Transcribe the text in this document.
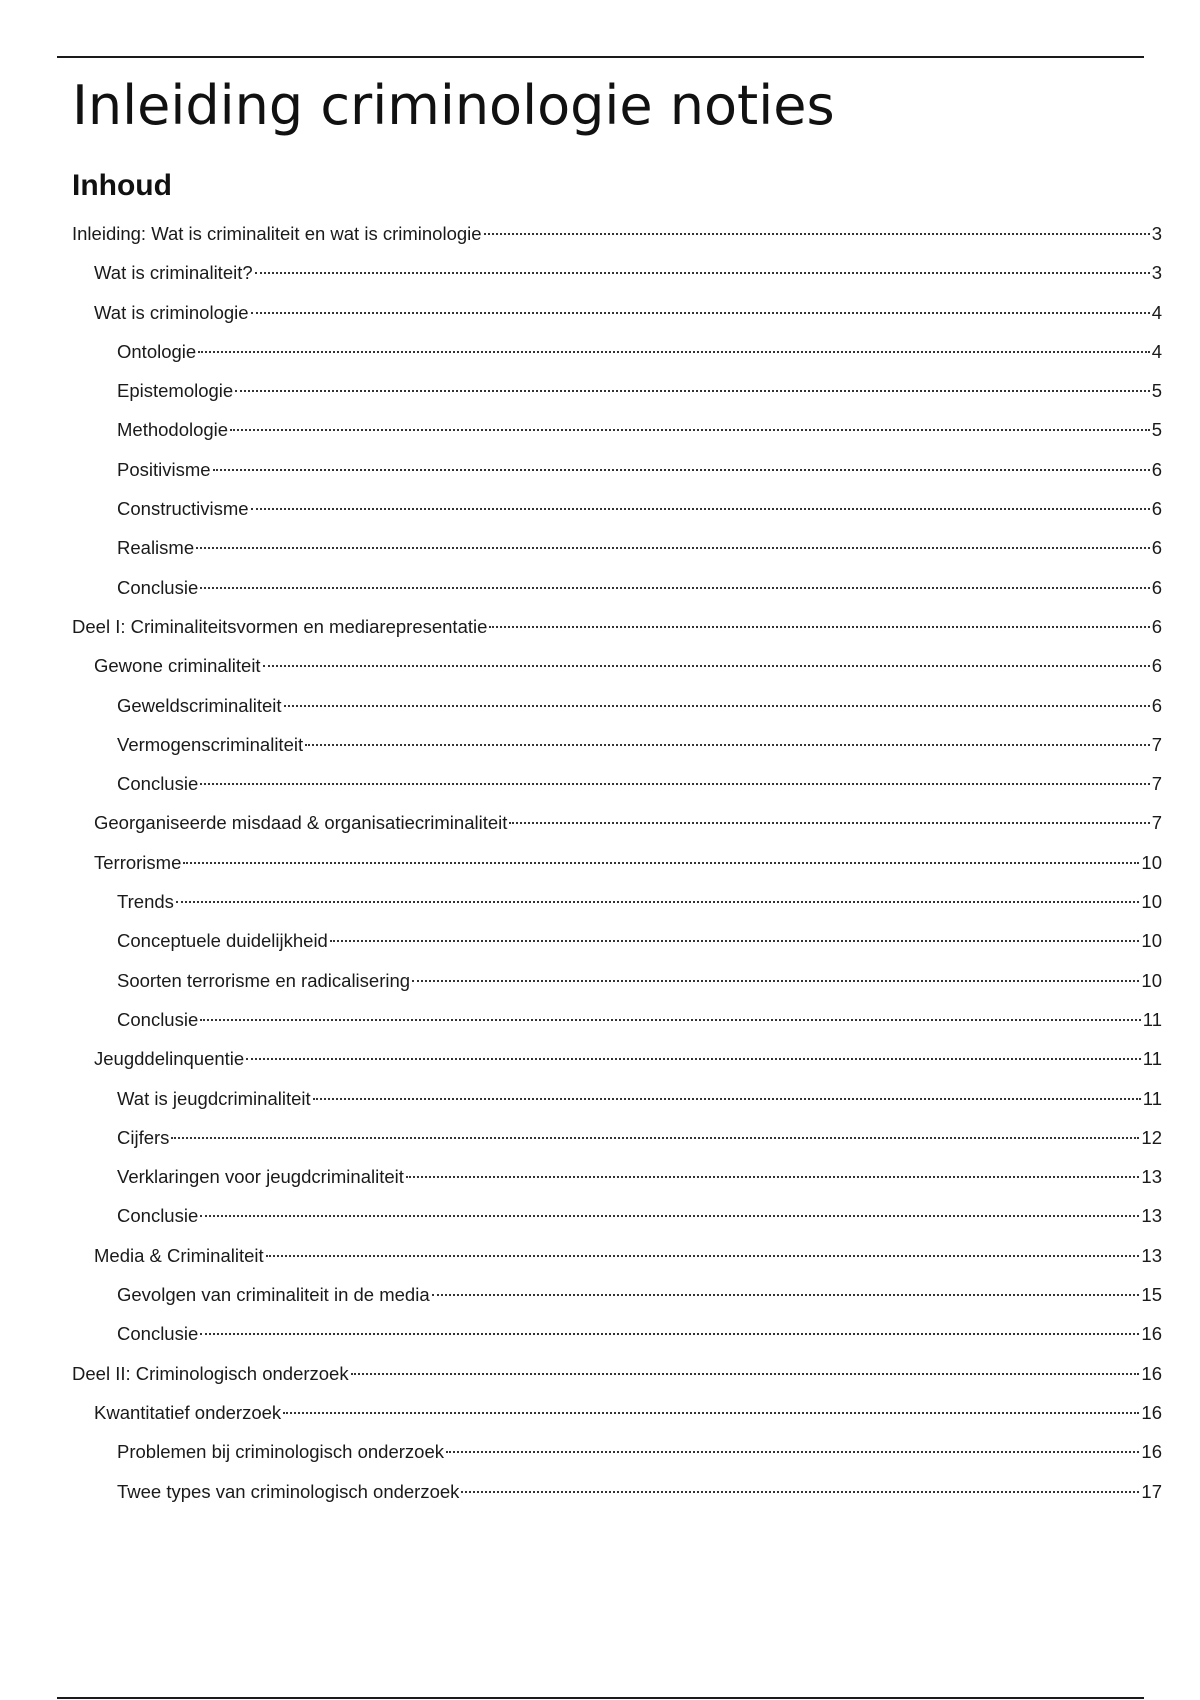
Inleiding criminologie noties
Inhoud
Inleiding: Wat is criminaliteit en wat is criminologie	3
Wat is criminaliteit?	3
Wat is criminologie	4
Ontologie	4
Epistemologie	5
Methodologie	5
Positivisme	6
Constructivisme	6
Realisme	6
Conclusie	6
Deel I: Criminaliteitsvormen en mediarepresentatie	6
Gewone criminaliteit	6
Geweldscriminaliteit	6
Vermogenscriminaliteit	7
Conclusie	7
Georganiseerde misdaad & organisatiecriminaliteit	7
Terrorisme	10
Trends	10
Conceptuele duidelijkheid	10
Soorten terrorisme en radicalisering	10
Conclusie	11
Jeugddelinquentie	11
Wat is jeugdcriminaliteit	11
Cijfers	12
Verklaringen voor jeugdcriminaliteit	13
Conclusie	13
Media & Criminaliteit	13
Gevolgen van criminaliteit in de media	15
Conclusie	16
Deel II: Criminologisch onderzoek	16
Kwantitatief onderzoek	16
Problemen bij criminologisch onderzoek	16
Twee types van criminologisch onderzoek	17
